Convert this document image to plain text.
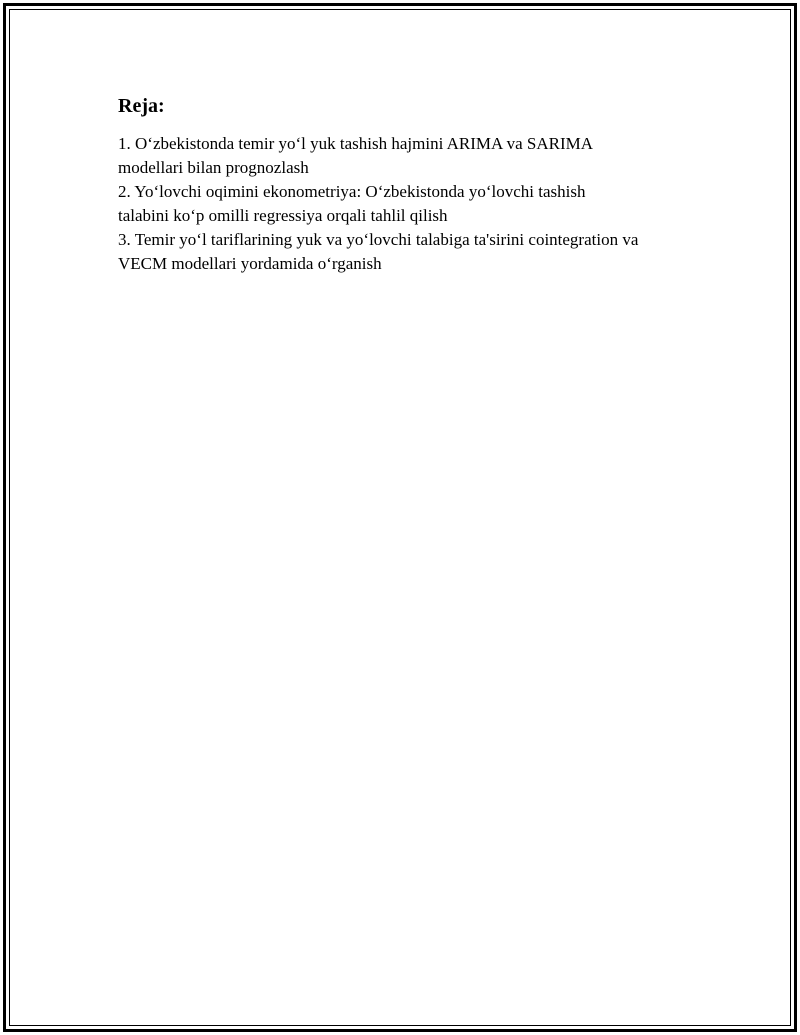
Reja:
1. Oʻzbekistonda temir yoʻl yuk tashish hajmini ARIMA va SARIMA
modellari bilan prognozlash
2. Yoʻlovchi oqimini ekonometriya: Oʻzbekistonda yoʻlovchi tashish
talabini koʻp omilli regressiya orqali tahlil qilish
3. Temir yoʻl tariflarining yuk va yoʻlovchi talabiga ta'sirini cointegration va
VECM modellari yordamida oʻrganish
